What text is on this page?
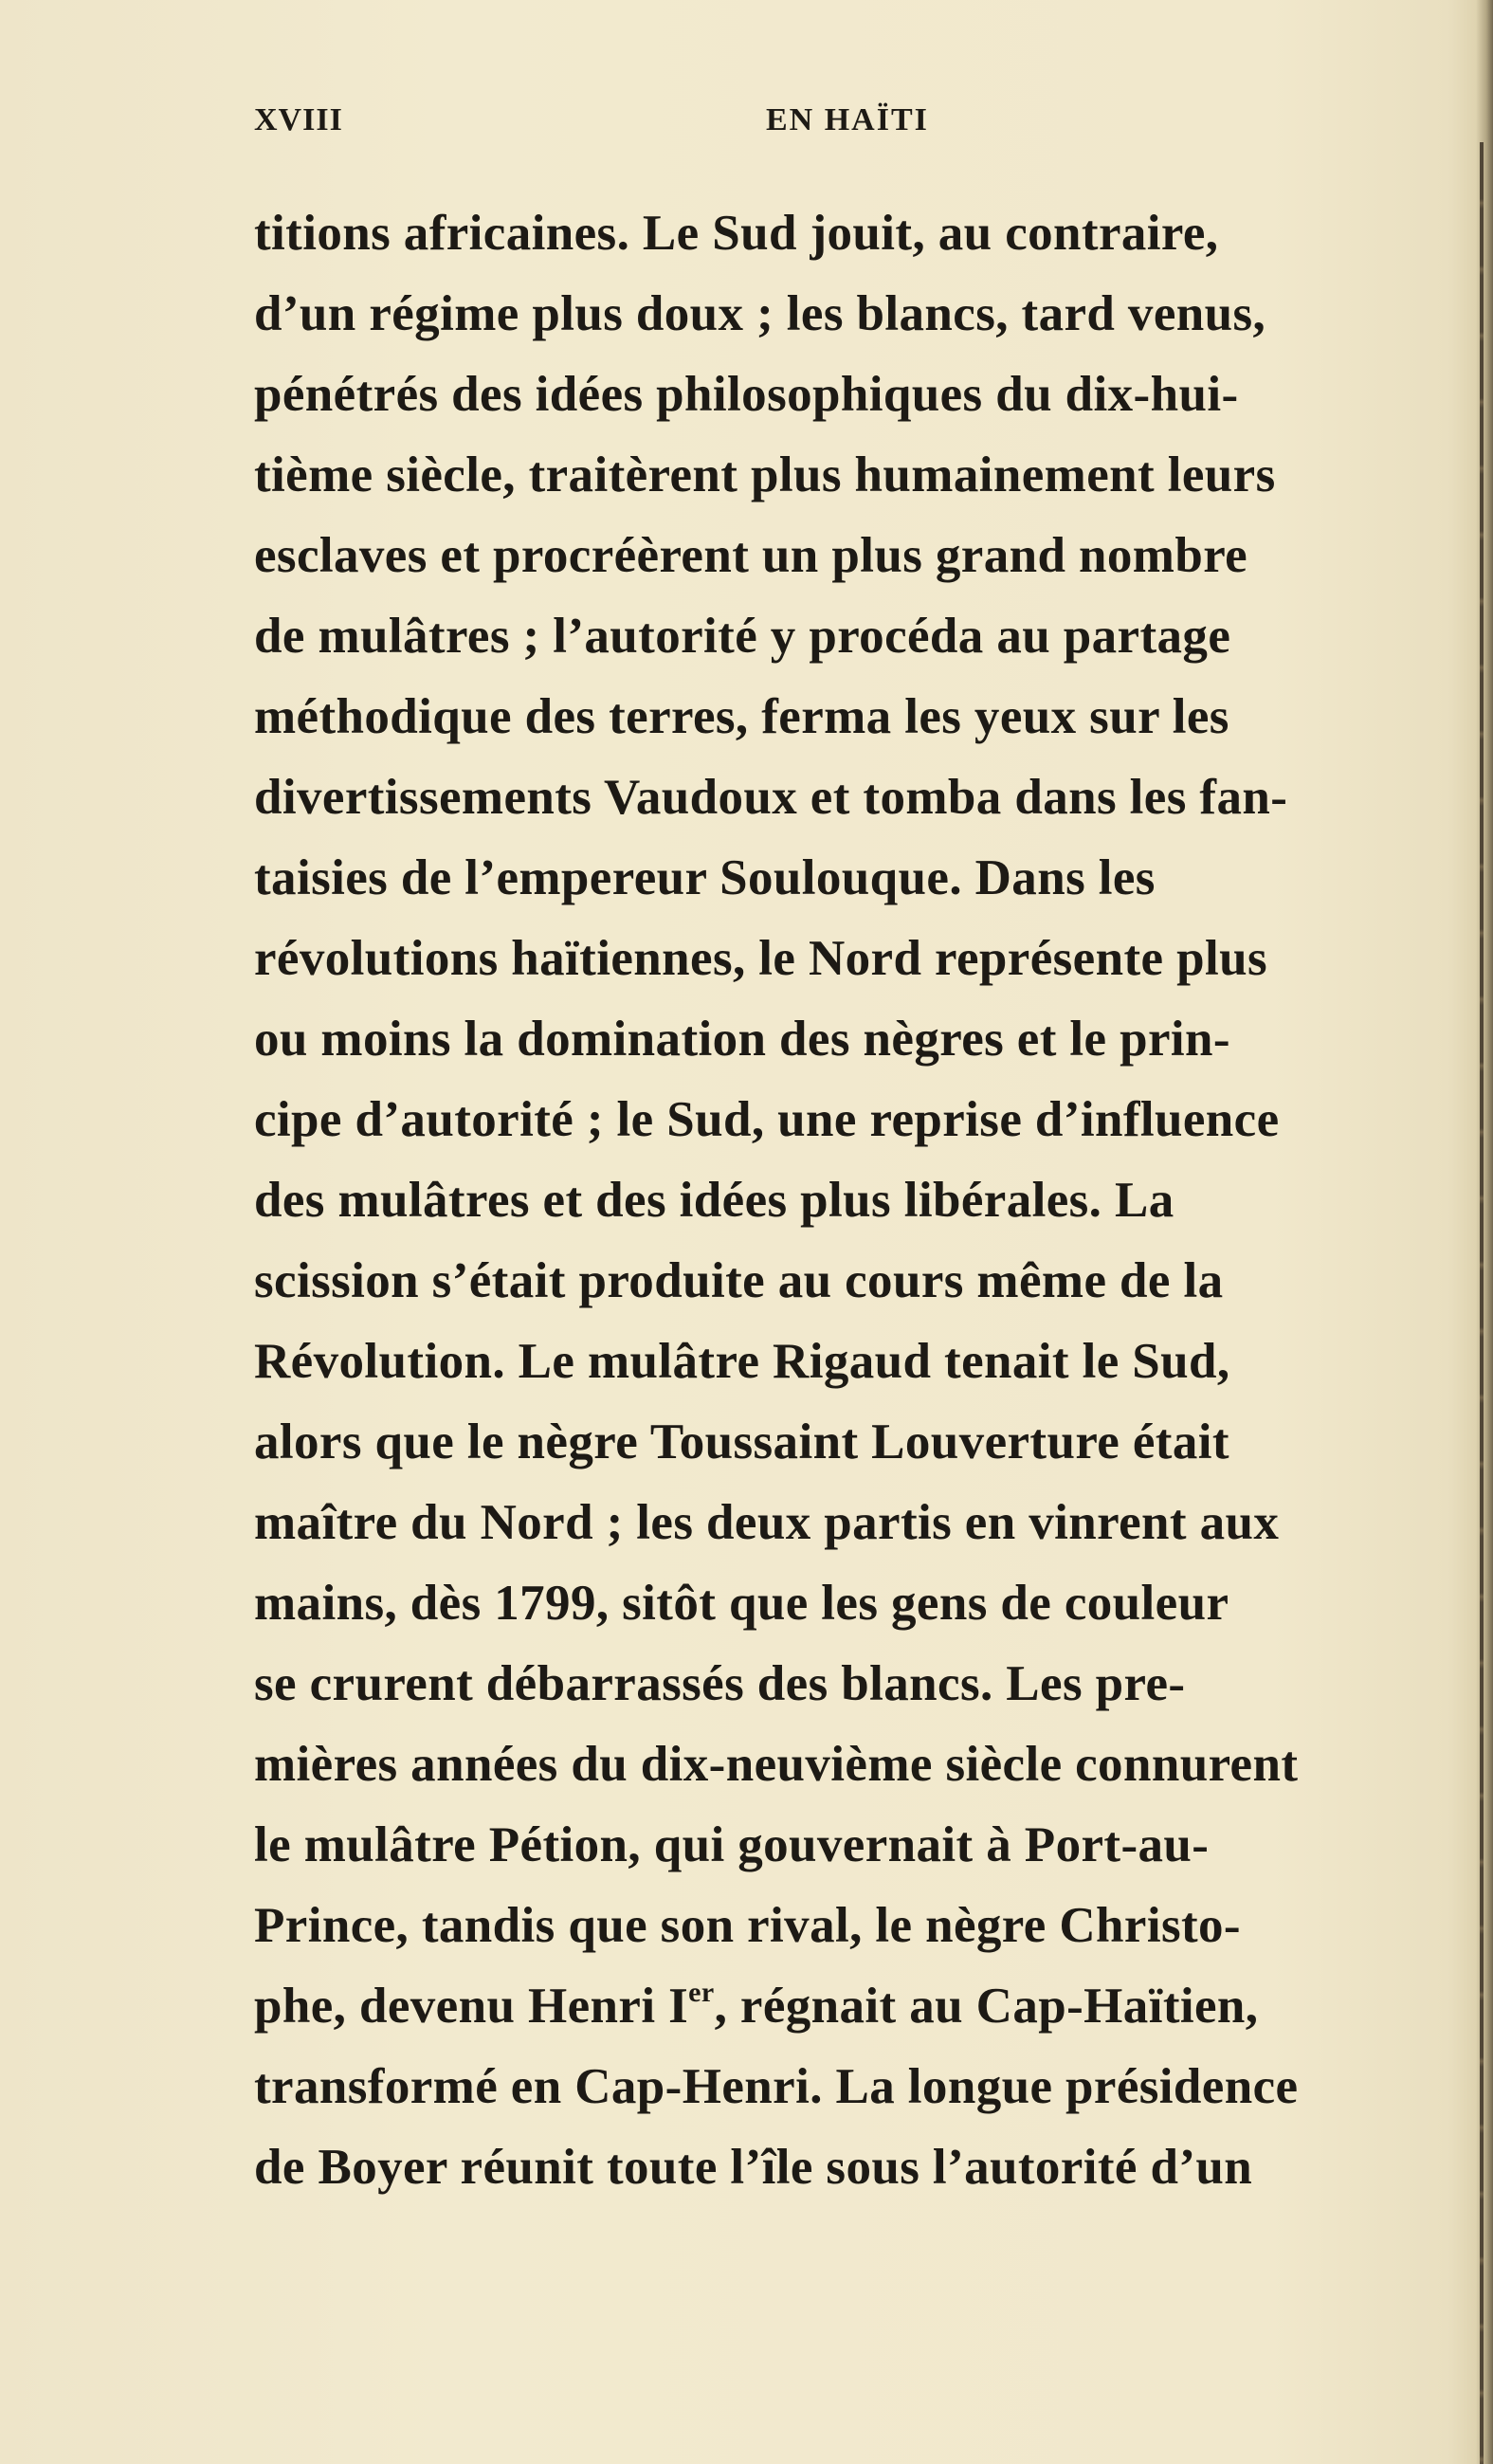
XVIII	EN HAÏTI
titions africaines. Le Sud jouit, au contraire,
d’un régime plus doux ; les blancs, tard venus,
pénétrés des idées philosophiques du dix-hui-
tième siècle, traitèrent plus humainement leurs
esclaves et procréèrent un plus grand nombre
de mulâtres ; l’autorité y procéda au partage
méthodique des terres, ferma les yeux sur les
divertissements Vaudoux et tomba dans les fan-
taisies de l’empereur Soulouque. Dans les
révolutions haïtiennes, le Nord représente plus
ou moins la domination des nègres et le prin-
cipe d’autorité ; le Sud, une reprise d’influence
des mulâtres et des idées plus libérales. La
scission s’était produite au cours même de la
Révolution. Le mulâtre Rigaud tenait le Sud,
alors que le nègre Toussaint Louverture était
maître du Nord ; les deux partis en vinrent aux
mains, dès 1799, sitôt que les gens de couleur
se crurent débarrassés des blancs. Les pre-
mières années du dix-neuvième siècle connurent
le mulâtre Pétion, qui gouvernait à Port-au-
Prince, tandis que son rival, le nègre Christo-
phe, devenu Henri Ier, régnait au Cap-Haïtien,
transformé en Cap-Henri. La longue présidence
de Boyer réunit toute l’île sous l’autorité d’un
